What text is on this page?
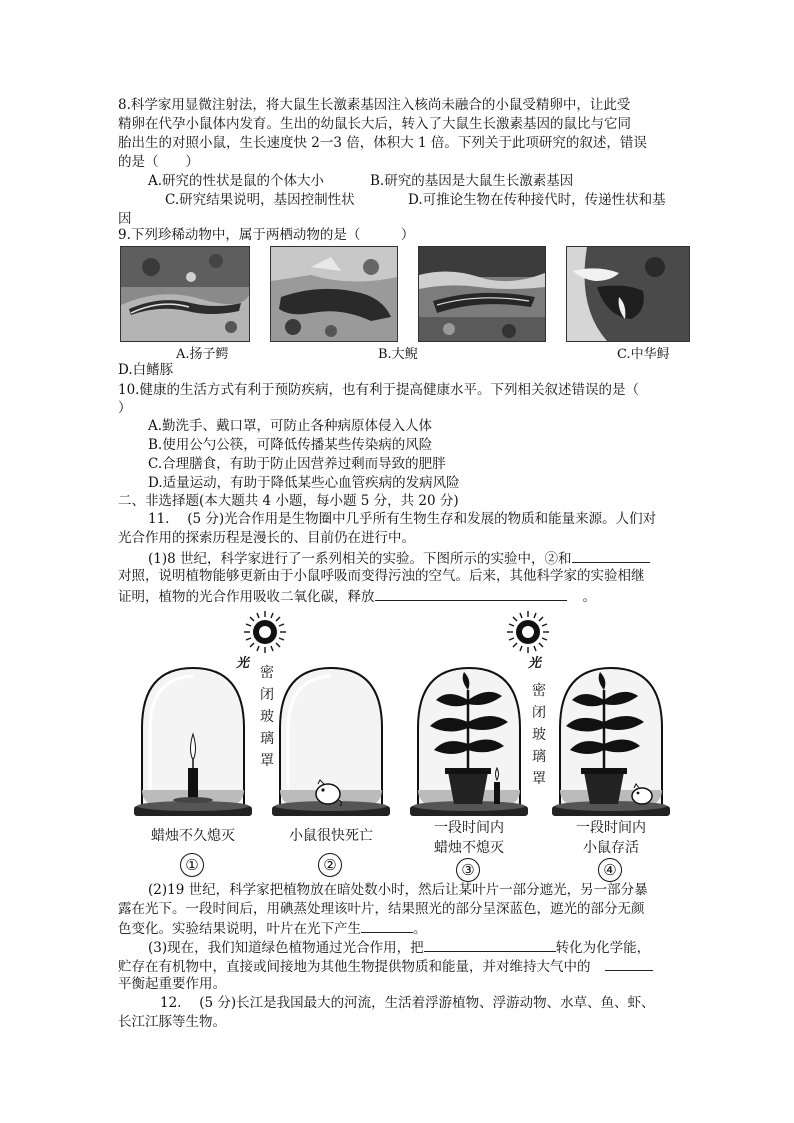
8.科学家用显微注射法，将大鼠生长激素基因注入核尚未融合的小鼠受精卵中，让此受
精卵在代孕小鼠体内发育。生出的幼鼠长大后，转入了大鼠生长激素基因的鼠比与它同
胎出生的对照小鼠，生长速度快 2一3 倍，体积大 1 倍。下列关于此项研究的叙述，错误
的是（　　）
A.研究的性状是鼠的个体大小	B.研究的基因是大鼠生长激素基因
C.研究结果说明，基因控制性状	D.可推论生物在传种接代时，传递性状和基
因
9.下列珍稀动物中，属于两栖动物的是（　　　）
A.扬子鳄	B.大鲵	C.中华鲟
D.白鳍豚
10.健康的生活方式有利于预防疾病，也有利于提高健康水平。下列相关叙述错误的是（
）
A.勤洗手、戴口罩，可防止各种病原体侵入人体
B.使用公勺公筷，可降低传播某些传染病的风险
C.合理膳食，有助于防止因营养过剩而导致的肥胖
D.适量运动，有助于降低某些心血管疾病的发病风险
二、非选择题(本大题共 4 小题，每小题 5 分，共 20 分)
11.　 (5 分)光合作用是生物圈中几乎所有生物生存和发展的物质和能量来源。人们对
光合作用的探索历程是漫长的、目前仍在进行中。
(1)8 世纪，科学家进行了一系列相关的实验。下图所示的实验中，②和
对照，说明植物能够更新由于小鼠呼吸而变得污浊的空气。后来，其他科学家的实验相继
证明，植物的光合作用吸收二氧化碳，释放	。
光	光
密
闭
玻
璃
罩
密
闭
玻
璃
罩
蜡烛不久熄灭	小鼠很快死亡	一段时间内
蜡烛不熄灭
一段时间内
小鼠存活
①	②	③	④
(2)19 世纪，科学家把植物放在暗处数小时，然后让某叶片一部分遮光，另一部分暴
露在光下。一段时间后，用碘蒸处理该叶片，结果照光的部分呈深蓝色，遮光的部分无颜
色变化。实验结果说明，叶片在光下产生	。
(3)现在，我们知道绿色植物通过光合作用，把	转化为化学能，
贮存在有机物中，直接或间接地为其他生物提供物质和能量，并对维持大气中的
平衡起重要作用。
12.　 (5 分)长江是我国最大的河流，生活着浮游植物、浮游动物、水草、鱼、虾、
长江江豚等生物。
